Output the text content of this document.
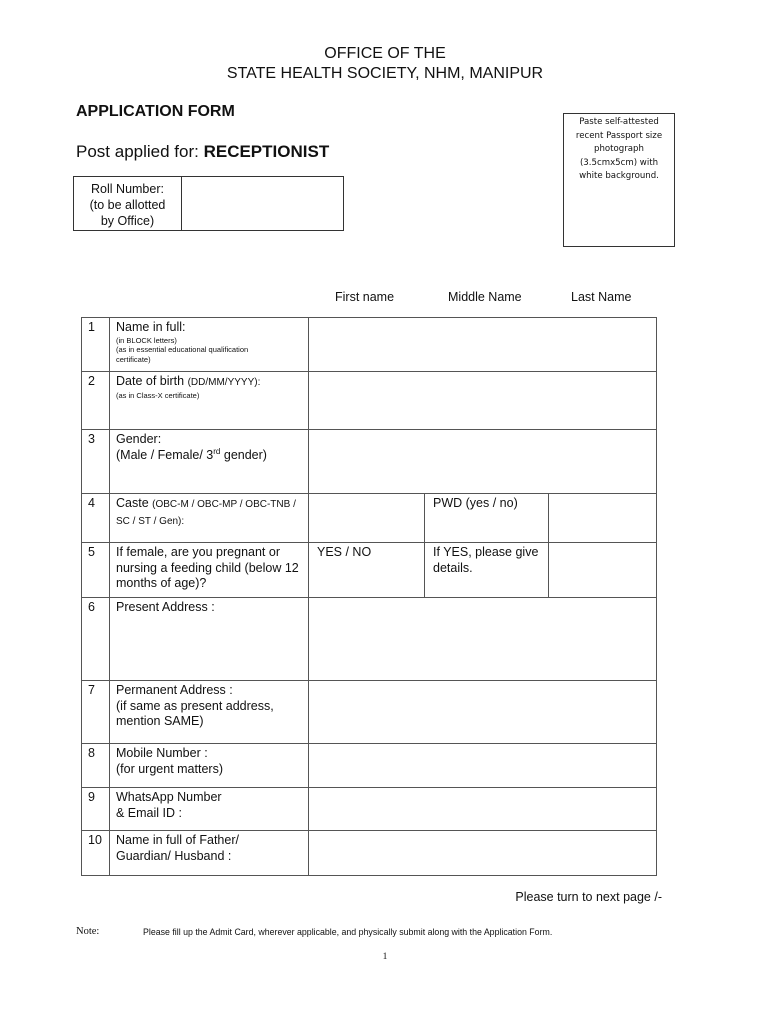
OFFICE OF THE
STATE HEALTH SOCIETY, NHM, MANIPUR
APPLICATION FORM
Post applied for: RECEPTIONIST
Paste self-attested
recent Passport size
photograph
(3.5cmx5cm) with
white background.
Roll Number:
(to be allotted
by Office)
First name	Middle Name	Last Name
1	Name in full:
(in BLOCK letters)
(as in essential educational qualification
certificate)			

2	Date of birth (DD/MM/YYYY):
(as in Class-X certificate)			

3	Gender:
(Male / Female/ 3rd gender)			

4	Caste (OBC-M / OBC-MP / OBC-TNB / SC / ST / Gen):		PWD (yes / no)	
5	If female, are you pregnant or nursing a feeding child (below 12 months of age)?	YES / NO	If YES, please give details.	
6	Present Address :			
7	Permanent Address :
(if same as present address,
mention SAME)			

8	Mobile Number :
(for urgent matters)			

9	WhatsApp Number
& Email ID :			

10	Name in full of Father/
Guardian/ Husband :			

Please turn to next page /-
Note:	Please fill up the Admit Card, wherever applicable, and physically submit along with the Application Form.
1
